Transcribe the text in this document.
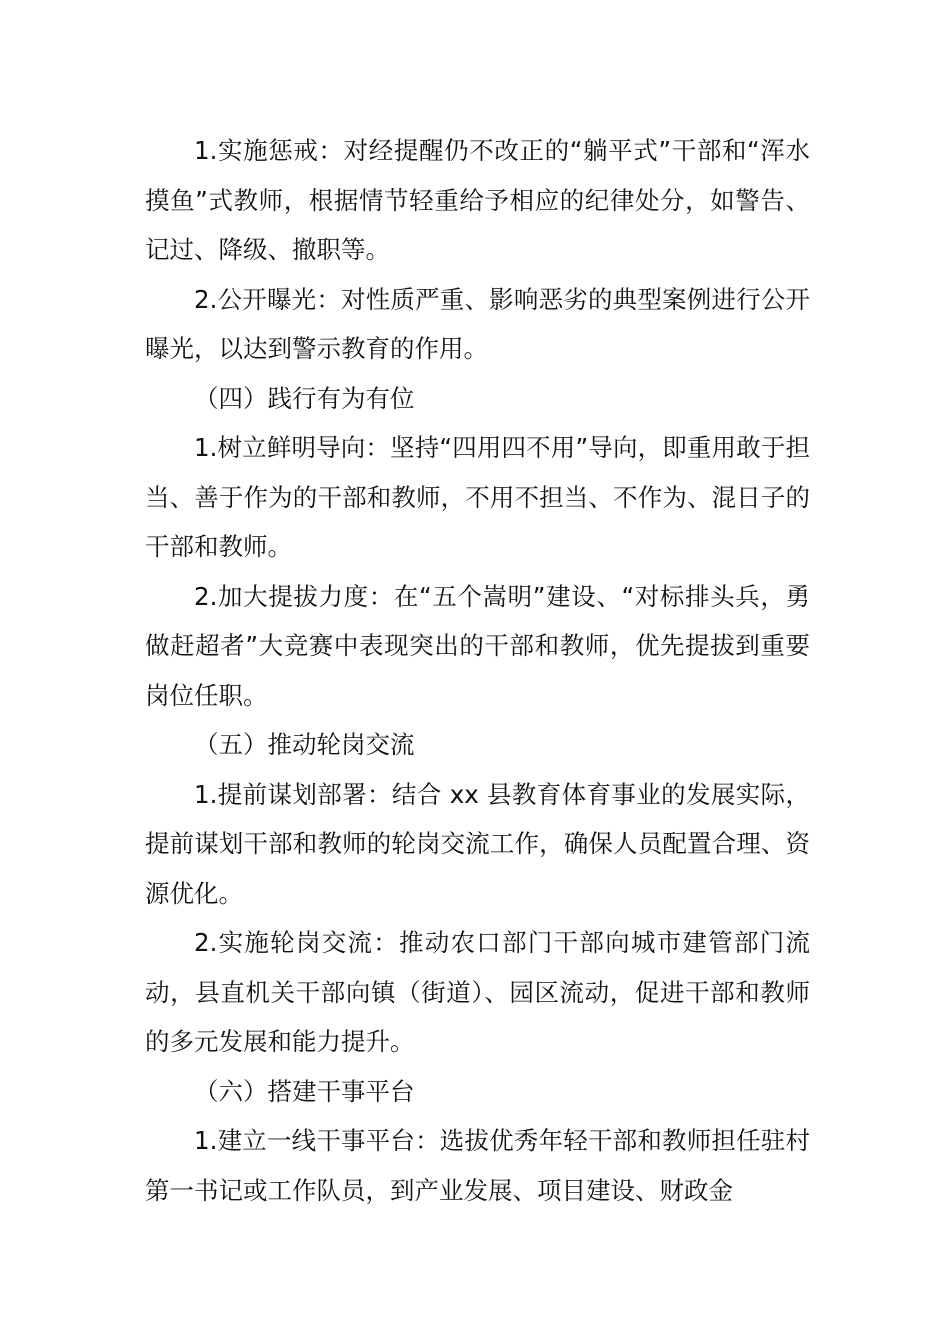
1.实施惩戒：对经提醒仍不改正的“躺平式”干部和“浑水摸鱼”式教师，根据情节轻重给予相应的纪律处分，如警告、记过、降级、撤职等。

2.公开曝光：对性质严重、影响恶劣的典型案例进行公开曝光，以达到警示教育的作用。

（四）践行有为有位

1.树立鲜明导向：坚持“四用四不用”导向，即重用敢于担当、善于作为的干部和教师，不用不担当、不作为、混日子的干部和教师。

2.加大提拔力度：在“五个嵩明”建设、“对标排头兵，勇做赶超者”大竞赛中表现突出的干部和教师，优先提拔到重要岗位任职。

（五）推动轮岗交流

1.提前谋划部署：结合 xx 县教育体育事业的发展实际，提前谋划干部和教师的轮岗交流工作，确保人员配置合理、资源优化。

2.实施轮岗交流：推动农口部门干部向城市建管部门流动，县直机关干部向镇（街道）、园区流动，促进干部和教师的多元发展和能力提升。

（六）搭建干事平台

1.建立一线干事平台：选拔优秀年轻干部和教师担任驻村第一书记或工作队员，到产业发展、项目建设、财政金
